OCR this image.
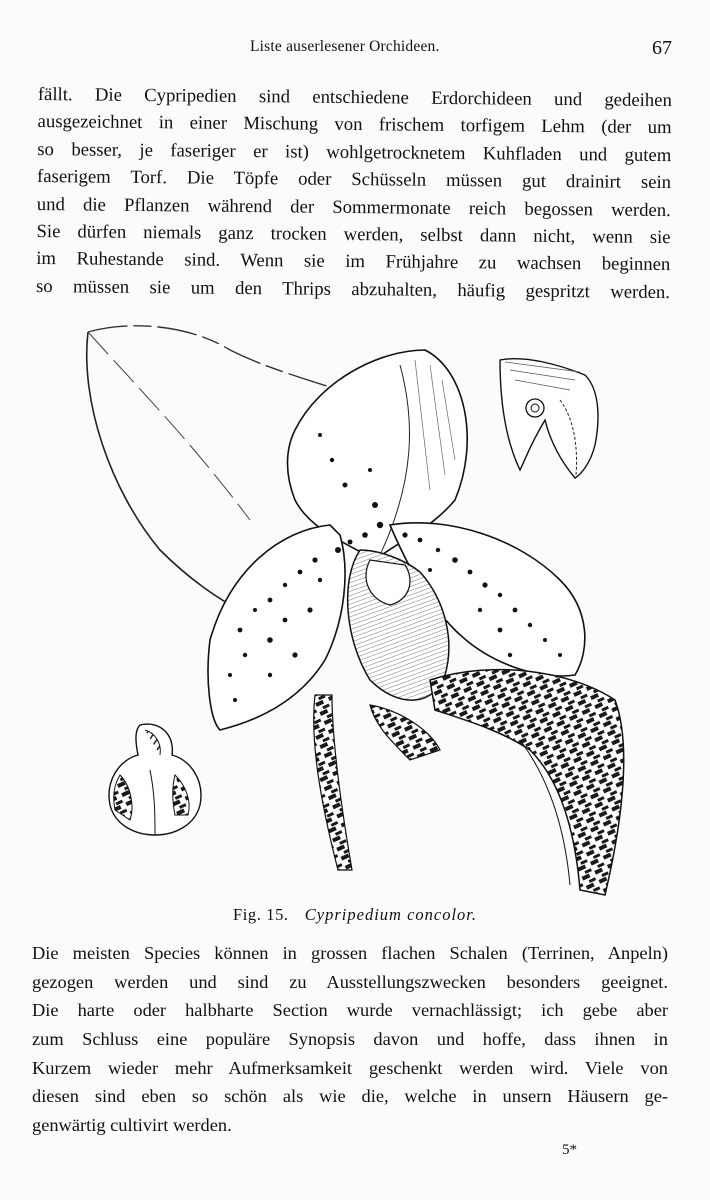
Liste auserlesener Orchideen.	67
fällt. Die Cypripedien sind entschiedene Erdorchideen und gedeihen
ausgezeichnet in einer Mischung von frischem torfigem Lehm (der um
so besser, je faseriger er ist) wohlgetrocknetem Kuhfladen und gutem
faserigem Torf. Die Töpfe oder Schüsseln müssen gut drainirt sein
und die Pflanzen während der Sommermonate reich begossen werden.
Sie dürfen niemals ganz trocken werden, selbst dann nicht, wenn sie
im Ruhestande sind. Wenn sie im Frühjahre zu wachsen beginnen
so müssen sie um den Thrips abzuhalten, häufig gespritzt werden.
Fig. 15. Cypripedium concolor.
Die meisten Species können in grossen flachen Schalen (Terrinen, Anpeln)
gezogen werden und sind zu Ausstellungszwecken besonders geeignet.
Die harte oder halbharte Section wurde vernachlässigt; ich gebe aber
zum Schluss eine populäre Synopsis davon und hoffe, dass ihnen in
Kurzem wieder mehr Aufmerksamkeit geschenkt werden wird. Viele von
diesen sind eben so schön als wie die, welche in unsern Häusern ge-
genwärtig cultivirt werden.
5*
